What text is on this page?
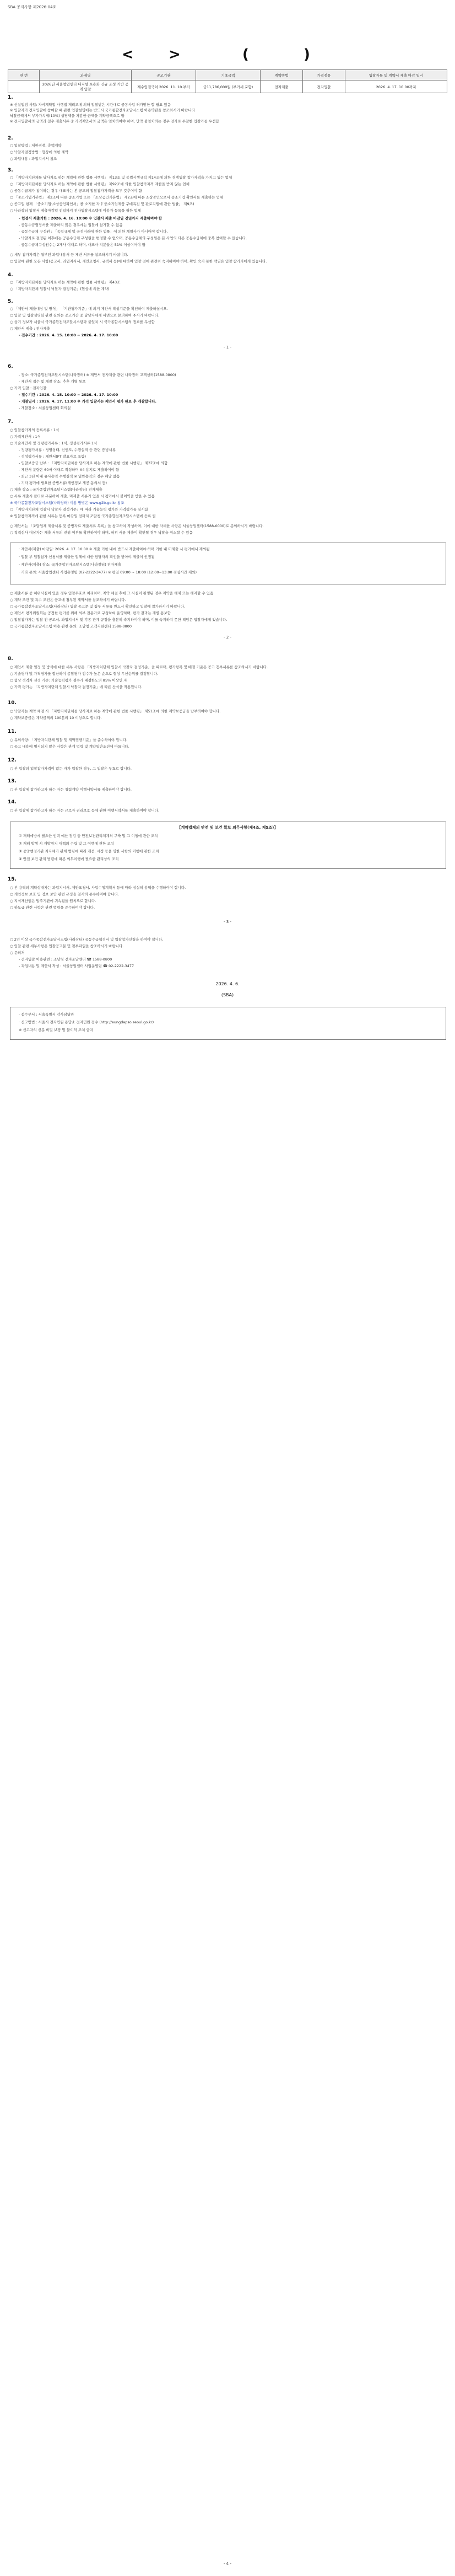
SBA 공지사항 제2026-04호
< >	(	)
연 번	과제명	공고기관	기초금액	계약방법	가격점유	입찰자를 및 계약서 제출 마감 일시
	2026년 서울창업센터 디지털 포용화 신규 조성 기반 공개 입찰	재수입결국처 2026. 11. 10.부터	금11,786,000원 (부가세 포함)	전자계출	전자입찰	2026. 4. 17. 10:00까지
1.
※ 신설입점 사업: 자비계약업 사행법 제리조에 의해 입찰받은 시간대로 공동사업 허가받한 할 필요 있음
※ 입찰자가 전자입찰에 참여할 때 관련 입찰설명에는 반드시 국가종합전자조달시스템 이용약관을 참조하시기 바랍니다
낙찰금액에서 부가가치세(10%) 상당액을 차감한 금액을 계약금액으로 함
※ 전자입찰서의 금액과 첨수 제출서류 중 가격제안서의 금액은 일치하여야 하며, 만약 불일치하는 경우 전자로 투찰한 입찰가를 우선함
2.
○ 입찰방법 : 제한경쟁, 총액계약
○ 낙찰자결정방법 : 협상에 의한 계약
○ 과업내용 : 과업지시서 참조
3.
○ 「지방자치단체를 당사자로 하는 계약에 관한 법률 시행령」 제13조 및 동법시행규칙 제14조에 의한 경쟁입찰 참가자격을 가지고 있는 업체
○ 「지방자치단체를 당사자로 하는 계약에 관한 법률 시행령」 제92조에 의한 입찰참가자격 제한을 받지 않는 업체
○ 공동수급체가 참여하는 경우 대표사는 본 공고의 입찰참가자격을 모두 갖추어야 함
○ 「중소기업기본법」 제2조에 따른 중소기업 또는 「소상공인기본법」 제2조에 따른 소상공인으로서 중소기업 확인서를 제출하는 업체
○ 공고일 현재 「중소기업·소상공인확인서」를 소지한 자 (「중소기업제품 구매촉진 및 판로지원에 관한 법률」 제9조)
○ 나라장터 입찰서 제출마감일 전일까지 전자입찰시스템에 이용자 등록을 필한 업체
- 협정서 제출기한 : 2026. 4. 16. 18:00 ※ 입찰서 제출 마감일 전일까지 제출하여야 함
- 공동수급협정서를 제출하지 않은 경우에는 입찰에 참가할 수 없음
- 공동수급체 구성원 : 「독립규제 및 공정거래에 관한 법률」에 의한 계열사가 아니어야 합니다.
- 낙찰자로 결정된 이후에는 공동수급체 구성원을 변경할 수 없으며, 공동수급체의 구성원은 본 사업의 다른 공동수급체에 중복 참여할 수 없습니다.
- 공동수급체구성원수는 2개사 이내로 하며, 대표사 지분율은 51% 이상이어야 함
○ 세부 참가자격은 첨부된 과업내용서 등 제반 서류를 참조하시기 바랍니다.
○ 입찰에 관한 모든 사항(공고서, 과업지시서, 제안요청서, 규격서 등)에 대하여 입찰 전에 완전히 숙지하여야 하며, 확인 숙지 못한 책임은 입찰 참가자에게 있습니다.
4.
○ 「지방자치단체를 당사자로 하는 계약에 관한 법률 시행령」 제43조
○ 「지방자치단체 입찰시 낙찰자 결정기준」(협상에 의한 계약)
5.
○ 「제안서 제출대상 및 방식」 「기관평가기준」에 의거 제안서 작성기준을 확인하여 제출하십시오.
○ 입찰 및 입찰설명회 관련 질의는 공고기간 중 담당자에게 서면으로 문의하여 주시기 바랍니다.
○ 상기 정보가 서울시 국가종합전자조달시스템과 불일치 시 국가종합시스템의 정보를 우선함
○ 제안서 제출 : 전자제출
- 접수기간 : 2026. 4. 15. 10:00 ~ 2026. 4. 17. 10:00
- 1 -
6.
- 장소: 국가종합전자조달시스템(나라장터) ※ 제안서 전자제출 관련 나라장터 고객센터(1588-0800)
- 제안서 접수 및 개찰 장소: 추후 개별 통보
○ 가격 입찰 : 전자입찰
- 접수기간 : 2026. 4. 15. 10:00 ~ 2026. 4. 17. 10:00
- 개찰일시 : 2026. 4. 17. 11:00 ※ 가격 입찰서는 제안서 평가 완료 후 개찰합니다.
- 개찰장소 : 서울창업센터 회의실
7.
○ 입찰참가자의 등록서류 : 1식
○ 가격제안서 : 1식
○ 기술제안서 및 정량평가서류 : 1식, 정성평가서류 1식
- 정량평가서류 : 경영상태, 신인도, 수행실적 등 관련 증빙서류
- 정성평가서류 : 제안서(PT 발표자료 포함)
- 입찰보증금 납부 : 「지방자치단체를 당사자로 하는 계약에 관한 법률 시행령」 제37조에 의함
- 제안서 분량은 60매 이내로 작성하며 A4 용지로 제출하여야 함
- 최근 3년 이내 유사용역 수행실적 ※ 일반용역의 경우 해당 없음
- 기타 평가에 필요한 증빙서류(개인정보 제공 동의서 등)
○ 제출 장소 : 국가종합전자조달시스템(나라장터) 전자제출
○ 서류 제출시 폴더로 구분하여 제출, 미제출 서류가 있을 시 평가에서 불이익을 받을 수 있음
※ 국가종합전자조달시스템(나라장터) 이용 방법은 www.g2b.go.kr 참조
○ 「지방자치단체 입찰시 낙찰자 결정기준」에 따라 기술능력 평가와 가격평가를 실시함
※ 입찰참가자격에 관한 서류는 등록 마감일 전까지 조달청 국가종합전자조달시스템에 등록 필
○ 제안서는 「조달업체 제출서류 및 증빙자료 제출서류 목록」을 참고하여 작성하며, 이에 대한 자세한 사항은 서울창업센터(1588-0000)로 문의하시기 바랍니다.
○ 적격심사 대상자는 제출 서류의 진위 여부를 확인하여야 하며, 허위 서류 제출이 확인될 경우 낙찰을 취소할 수 있음
· 제안서(제출) 마감일: 2026. 4. 17. 10:00 ※ 제출 기한 내에 반드시 제출하여야 하며 기한 내 미제출 시 평가에서 제외됨
· 입찰 부 입찰참가 신청서를 제출한 업체에 대한 담당자의 확인을 받아야 제출이 인정됨
· 제안서(제출) 장소: 국가종합전자조달시스템(나라장터) 전자제출
· 기타 문의: 서울창업센터 사업운영팀 (02-2222-3477) ※ 평일 09:00 ~ 18:00 (12:00~13:00 점심시간 제외)
○ 제출서류 중 허위사실이 있을 경우 입찰무효로 처리하며, 계약 체결 후에 그 사실이 판명된 경우 계약을 해제 또는 해지할 수 있음
○ 계약 조건 및 특수 조건은 공고에 첨부된 계약서를 참조하시기 바랍니다.
○ 국가종합전자조달시스템(나라장터) 입찰 공고문 및 첨부 서류를 반드시 확인하고 입찰에 참가하시기 바랍니다.
○ 제안서 평가위원회는 공정한 평가를 위해 외부 전문가로 구성하여 운영하며, 평가 결과는 개별 통보함
○ 입찰참가자는 입찰 전 공고서, 과업지시서 및 각종 관계 규정을 충분히 숙지하여야 하며, 이를 숙지하지 못한 책임은 입찰자에게 있습니다.
○ 국가종합전자조달시스템 이용 관련 문의: 조달청 고객지원센터 1588-0800
- 2 -
8.
○ 제안서 제출 일정 및 방식에 대한 세부 사항은 「지방자치단체 입찰시 낙찰자 결정기준」을 따르며, 평가항목 및 배점 기준은 공고 첨부서류를 참조하시기 바랍니다.
○ 기술평가 및 가격평가를 합산하여 종합평가 점수가 높은 순으로 협상 우선순위를 결정합니다.
○ 협상 적격자 선정 기준: 기술능력평가 점수가 배점한도의 85% 이상인 자
○ 가격 평가는 「지방자치단체 입찰시 낙찰자 결정기준」에 따른 산식을 적용합니다.
10.
○ 낙찰자는 계약 체결 시 「지방자치단체를 당사자로 하는 계약에 관한 법률 시행령」 제51조에 의한 계약보증금을 납부하여야 합니다.
○ 계약보증금은 계약금액의 100분의 10 이상으로 합니다.
11.
○ 유의사항: 「지방자치단체 입찰 및 계약집행기준」을 준수하여야 합니다.
○ 공고 내용에 명시되지 않은 사항은 관계 법령 및 계약일반조건에 따릅니다.
12.
○ 본 입찰의 입찰참가자격이 없는 자가 입찰한 경우, 그 입찰은 무효로 합니다.
13.
○ 본 입찰에 참가하고자 하는 자는 청렴계약 이행서약서를 제출하여야 합니다.
14.
○ 본 입찰에 참가하고자 하는 자는 근로자 권리보호 등에 관한 이행서약서를 제출하여야 합니다.
【계약법제의 안전 및 보건 확보 의무사항(제4조, 제5조)】
① 재해예방에 필요한 인력 예산 점검 등 안전보건관리체계의 구축 및 그 이행에 관한 조치
② 재해 발생 시 재발방지 대책의 수립 및 그 이행에 관한 조치
③ 중앙행정기관 지자체가 관계 법령에 따라 개선, 시정 등을 명한 사항의 이행에 관한 조치
④ 안전 보건 관계 법령에 따른 의무이행에 필요한 관리상의 조치
15.
○ 본 용역의 계약상대자는 과업지시서, 제안요청서, 사업수행계획서 등에 따라 성실히 용역을 수행하여야 합니다.
○ 개인정보 보호 및 정보 보안 관련 규정을 철저히 준수하여야 합니다.
○ 지식재산권은 발주기관에 귀속됨을 원칙으로 합니다.
○ 하도급 관련 사항은 관련 법령을 준수하여야 합니다.
- 3 -
○ 2인 이상 국가종합전자조달시스템(나라장터) 공동수급협정서 및 입찰참가신청을 하여야 합니다.
○ 입찰 관련 세부사항은 입찰공고문 및 첨부파일을 참조하시기 바랍니다.
○ 문의처
- 전자입찰 이용관련 : 조달청 전자조달센터 ☎ 1588-0800
- 과업내용 및 제안서 작성 : 서울창업센터 사업운영팀 ☎ 02-2222-3477
2026. 4. 6.
(SBA)
· 접수부서 : 서울특별시 감사담당관
· 신고방법 : 서울시 전자민원 응답소 전자민원 접수 (http://eungdapso.seoul.go.kr)
※ 신고자의 신분 비밀 보장 및 불이익 조치 금지
- 4 -
